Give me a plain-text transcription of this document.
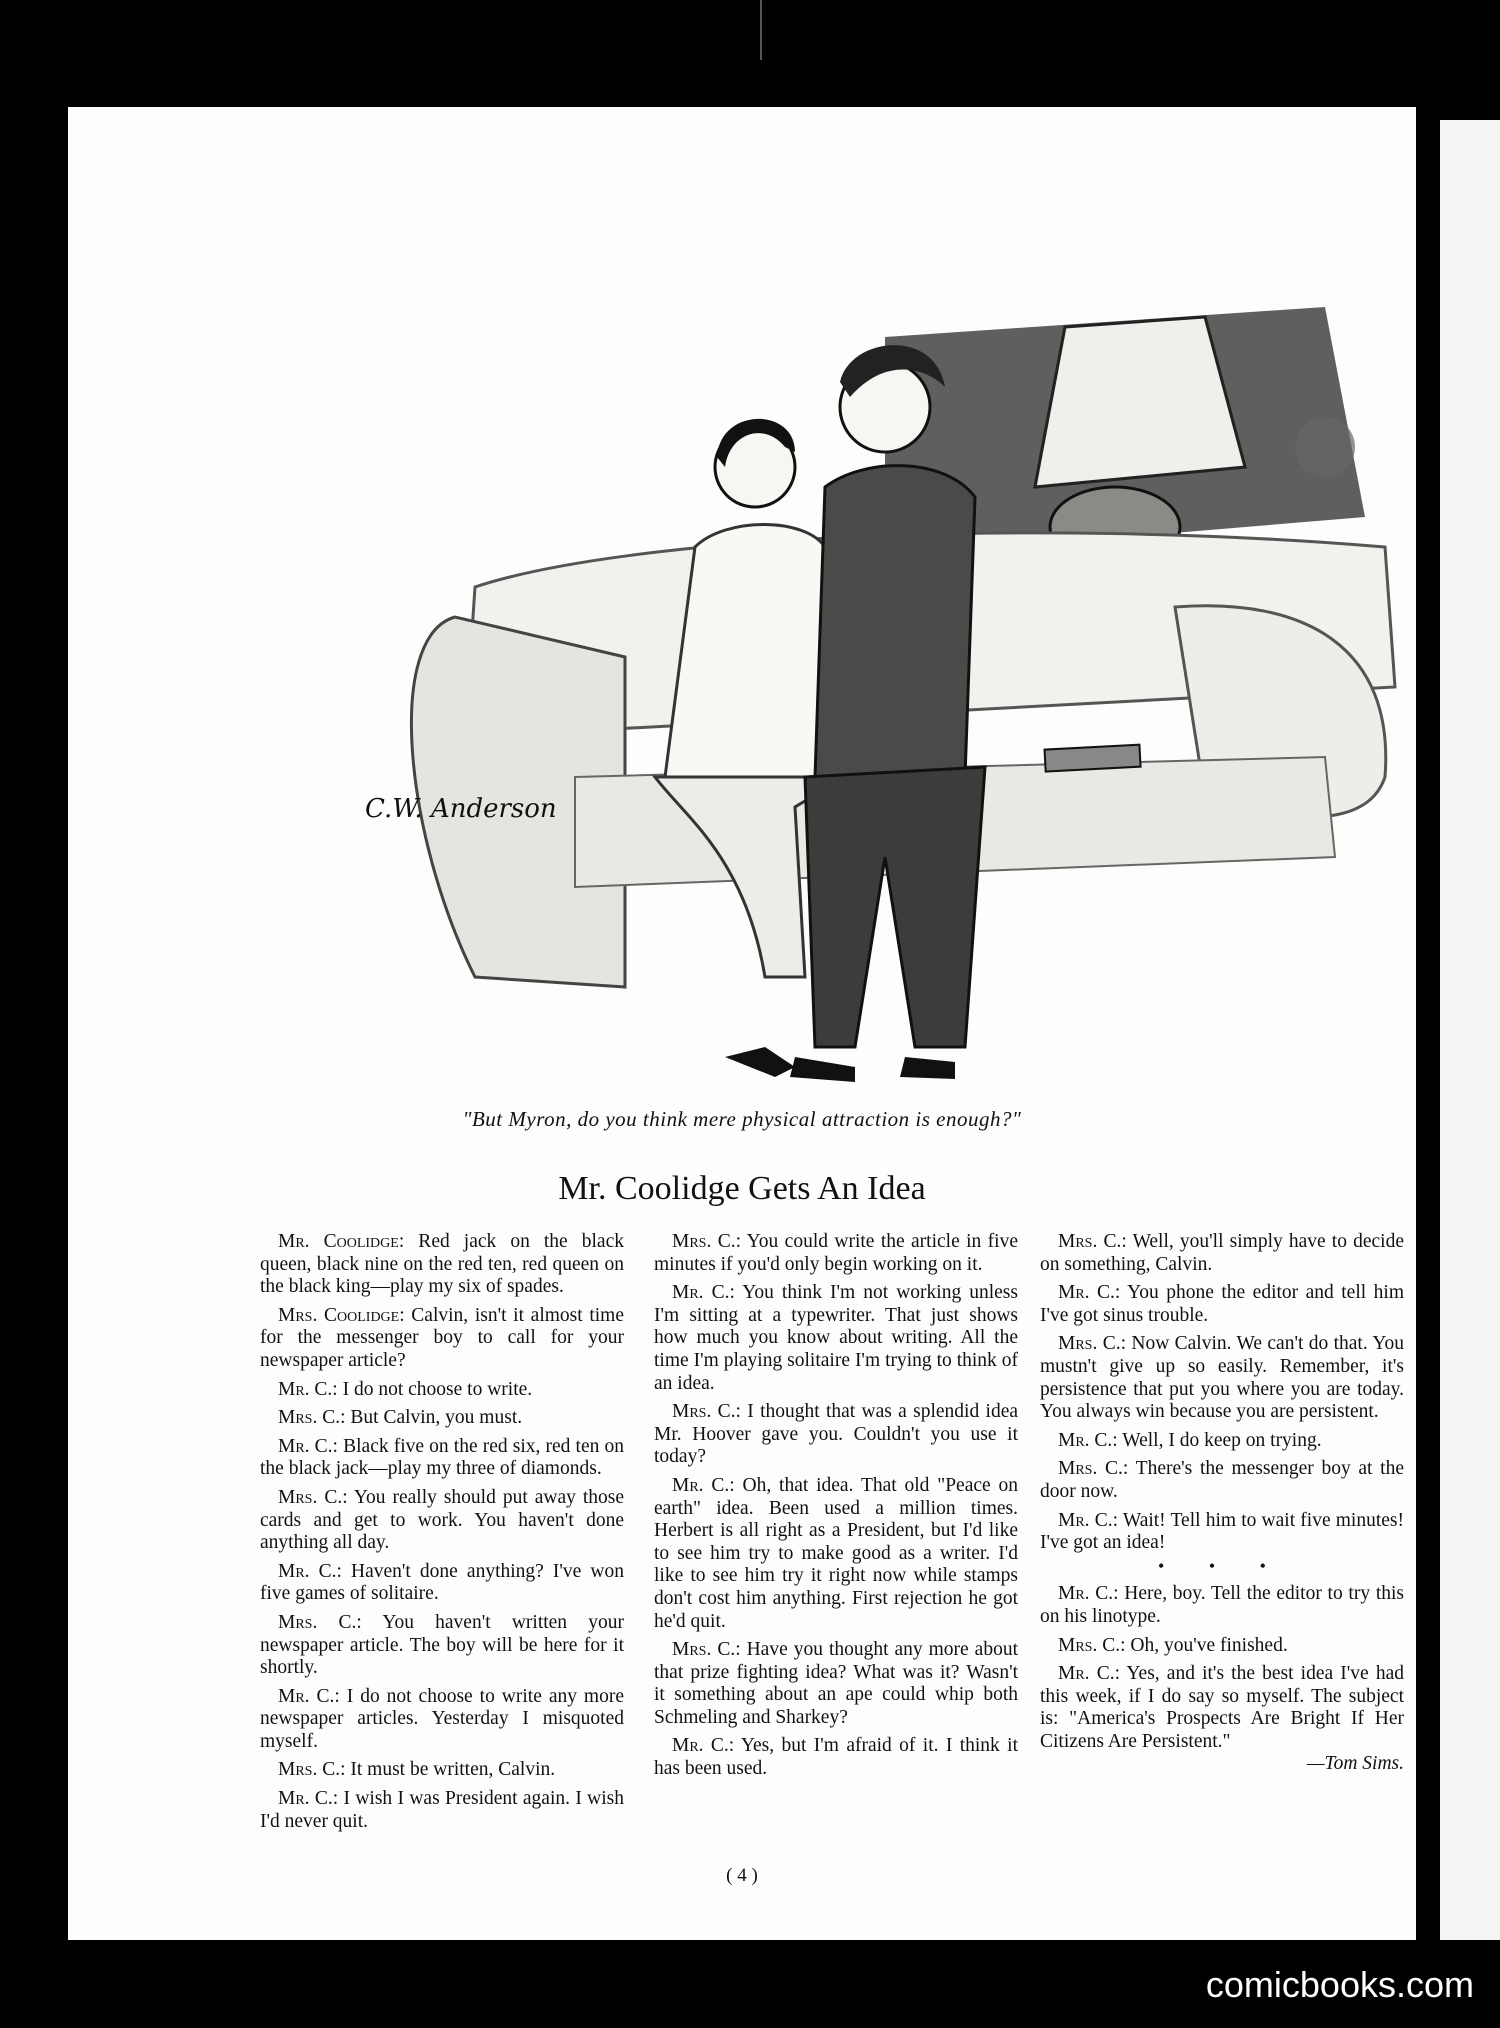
C.W. Anderson
"But Myron, do you think mere physical attraction is enough?"
Mr. Coolidge Gets An Idea

Mr. Coolidge: Red jack on the black queen, black nine on the red ten, red queen on the black king—play my six of spades.

Mrs. Coolidge: Calvin, isn't it almost time for the messenger boy to call for your newspaper article?

Mr. C.: I do not choose to write.

Mrs. C.: But Calvin, you must.

Mr. C.: Black five on the red six, red ten on the black jack—play my three of diamonds.

Mrs. C.: You really should put away those cards and get to work. You haven't done anything all day.

Mr. C.: Haven't done anything? I've won five games of solitaire.

Mrs. C.: You haven't written your newspaper article. The boy will be here for it shortly.

Mr. C.: I do not choose to write any more newspaper articles. Yesterday I misquoted myself.

Mrs. C.: It must be written, Calvin.

Mr. C.: I wish I was President again. I wish I'd never quit.

Mrs. C.: You could write the article in five minutes if you'd only begin working on it.

Mr. C.: You think I'm not working unless I'm sitting at a typewriter. That just shows how much you know about writing. All the time I'm playing solitaire I'm trying to think of an idea.

Mrs. C.: I thought that was a splendid idea Mr. Hoover gave you. Couldn't you use it today?

Mr. C.: Oh, that idea. That old "Peace on earth" idea. Been used a million times. Herbert is all right as a President, but I'd like to see him try to make good as a writer. I'd like to see him try it right now while stamps don't cost him anything. First rejection he got he'd quit.

Mrs. C.: Have you thought any more about that prize fighting idea? What was it? Wasn't it something about an ape could whip both Schmeling and Sharkey?

Mr. C.: Yes, but I'm afraid of it. I think it has been used.

Mrs. C.: Well, you'll simply have to decide on something, Calvin.

Mr. C.: You phone the editor and tell him I've got sinus trouble.

Mrs. C.: Now Calvin. We can't do that. You mustn't give up so easily. Remember, it's persistence that put you where you are today. You always win because you are persistent.

Mr. C.: Well, I do keep on trying.

Mrs. C.: There's the messenger boy at the door now.

Mr. C.: Wait! Tell him to wait five minutes! I've got an idea!

• • •

Mr. C.: Here, boy. Tell the editor to try this on his linotype.

Mrs. C.: Oh, you've finished.

Mr. C.: Yes, and it's the best idea I've had this week, if I do say so myself. The subject is: "America's Prospects Are Bright If Her Citizens Are Persistent."

—Tom Sims.

( 4 )
comicbooks.com
